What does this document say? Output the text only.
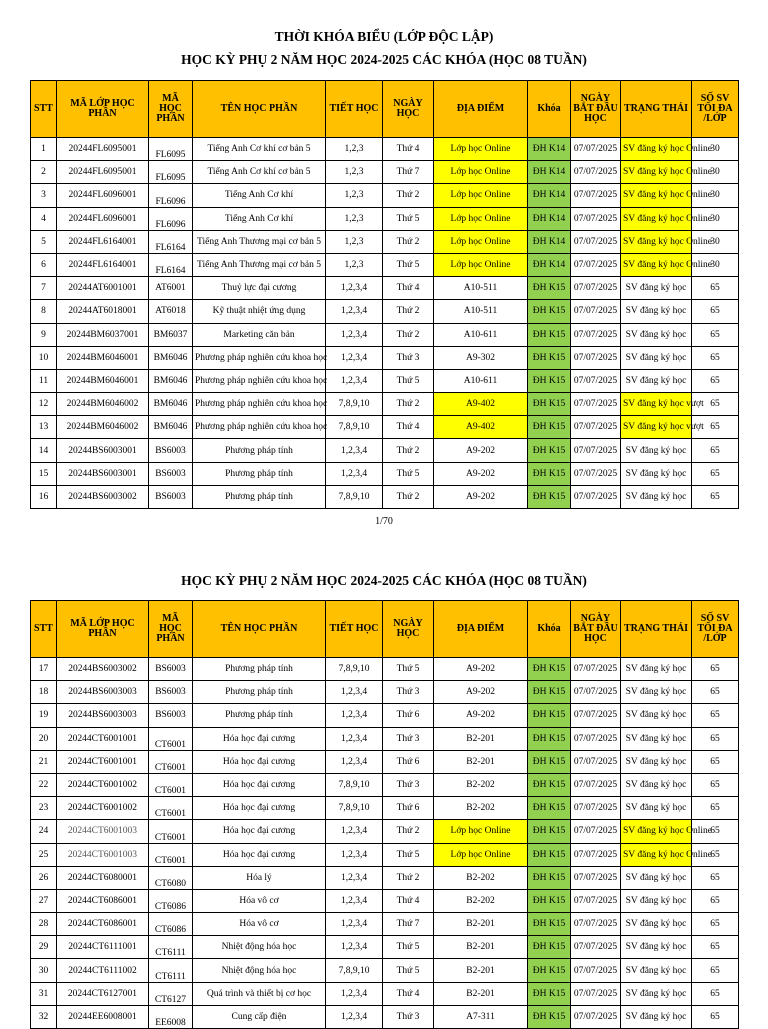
THỜI KHÓA BIỂU (LỚP ĐỘC LẬP)
HỌC KỲ PHỤ 2 NĂM HỌC 2024-2025 CÁC KHÓA (HỌC 08 TUẦN)
STT	MÃ LỚP HỌC PHẦN	MÃ HỌC PHẦN	TÊN HỌC PHẦN	TIẾT HỌC	NGÀY HỌC	ĐỊA ĐIỂM	Khóa	NGÀY BẮT ĐẦU HỌC	TRẠNG THÁI	SỐ SV TỐI ĐA /LỚP
1	20244FL6095001	FL6095	Tiếng Anh Cơ khí cơ bản 5	1,2,3	Thứ 4	Lớp học Online	ĐH K14	07/07/2025	SV đăng ký học Online	30
2	20244FL6095001	FL6095	Tiếng Anh Cơ khí cơ bản 5	1,2,3	Thứ 7	Lớp học Online	ĐH K14	07/07/2025	SV đăng ký học Online	30
3	20244FL6096001	FL6096	Tiếng Anh Cơ khí	1,2,3	Thứ 2	Lớp học Online	ĐH K14	07/07/2025	SV đăng ký học Online	30
4	20244FL6096001	FL6096	Tiếng Anh Cơ khí	1,2,3	Thứ 5	Lớp học Online	ĐH K14	07/07/2025	SV đăng ký học Online	30
5	20244FL6164001	FL6164	Tiếng Anh Thương mại cơ bản 5	1,2,3	Thứ 2	Lớp học Online	ĐH K14	07/07/2025	SV đăng ký học Online	30
6	20244FL6164001	FL6164	Tiếng Anh Thương mại cơ bản 5	1,2,3	Thứ 5	Lớp học Online	ĐH K14	07/07/2025	SV đăng ký học Online	30
7	20244AT6001001	AT6001	Thuỷ lực đại cương	1,2,3,4	Thứ 4	A10-511	ĐH K15	07/07/2025	SV đăng ký học	65
8	20244AT6018001	AT6018	Kỹ thuật nhiệt ứng dụng	1,2,3,4	Thứ 2	A10-511	ĐH K15	07/07/2025	SV đăng ký học	65
9	20244BM6037001	BM6037	Marketing căn bản	1,2,3,4	Thứ 2	A10-611	ĐH K15	07/07/2025	SV đăng ký học	65
10	20244BM6046001	BM6046	Phương pháp nghiên cứu khoa học	1,2,3,4	Thứ 3	A9-302	ĐH K15	07/07/2025	SV đăng ký học	65
11	20244BM6046001	BM6046	Phương pháp nghiên cứu khoa học	1,2,3,4	Thứ 5	A10-611	ĐH K15	07/07/2025	SV đăng ký học	65
12	20244BM6046002	BM6046	Phương pháp nghiên cứu khoa học	7,8,9,10	Thứ 2	A9-402	ĐH K15	07/07/2025	SV đăng ký học vượt	65
13	20244BM6046002	BM6046	Phương pháp nghiên cứu khoa học	7,8,9,10	Thứ 4	A9-402	ĐH K15	07/07/2025	SV đăng ký học vượt	65
14	20244BS6003001	BS6003	Phương pháp tính	1,2,3,4	Thứ 2	A9-202	ĐH K15	07/07/2025	SV đăng ký học	65
15	20244BS6003001	BS6003	Phương pháp tính	1,2,3,4	Thứ 5	A9-202	ĐH K15	07/07/2025	SV đăng ký học	65
16	20244BS6003002	BS6003	Phương pháp tính	7,8,9,10	Thứ 2	A9-202	ĐH K15	07/07/2025	SV đăng ký học	65
1/70
HỌC KỲ PHỤ 2 NĂM HỌC 2024-2025 CÁC KHÓA (HỌC 08 TUẦN)
STT	MÃ LỚP HỌC PHẦN	MÃ HỌC PHẦN	TÊN HỌC PHẦN	TIẾT HỌC	NGÀY HỌC	ĐỊA ĐIỂM	Khóa	NGÀY BẮT ĐẦU HỌC	TRẠNG THÁI	SỐ SV TỐI ĐA /LỚP
17	20244BS6003002	BS6003	Phương pháp tính	7,8,9,10	Thứ 5	A9-202	ĐH K15	07/07/2025	SV đăng ký học	65
18	20244BS6003003	BS6003	Phương pháp tính	1,2,3,4	Thứ 3	A9-202	ĐH K15	07/07/2025	SV đăng ký học	65
19	20244BS6003003	BS6003	Phương pháp tính	1,2,3,4	Thứ 6	A9-202	ĐH K15	07/07/2025	SV đăng ký học	65
20	20244CT6001001	CT6001	Hóa học đại cương	1,2,3,4	Thứ 3	B2-201	ĐH K15	07/07/2025	SV đăng ký học	65
21	20244CT6001001	CT6001	Hóa học đại cương	1,2,3,4	Thứ 6	B2-201	ĐH K15	07/07/2025	SV đăng ký học	65
22	20244CT6001002	CT6001	Hóa học đại cương	7,8,9,10	Thứ 3	B2-202	ĐH K15	07/07/2025	SV đăng ký học	65
23	20244CT6001002	CT6001	Hóa học đại cương	7,8,9,10	Thứ 6	B2-202	ĐH K15	07/07/2025	SV đăng ký học	65
24	20244CT6001003	CT6001	Hóa học đại cương	1,2,3,4	Thứ 2	Lớp học Online	ĐH K15	07/07/2025	SV đăng ký học Online	65
25	20244CT6001003	CT6001	Hóa học đại cương	1,2,3,4	Thứ 5	Lớp học Online	ĐH K15	07/07/2025	SV đăng ký học Online	65
26	20244CT6080001	CT6080	Hóa lý	1,2,3,4	Thứ 2	B2-202	ĐH K15	07/07/2025	SV đăng ký học	65
27	20244CT6086001	CT6086	Hóa vô cơ	1,2,3,4	Thứ 4	B2-202	ĐH K15	07/07/2025	SV đăng ký học	65
28	20244CT6086001	CT6086	Hóa vô cơ	1,2,3,4	Thứ 7	B2-201	ĐH K15	07/07/2025	SV đăng ký học	65
29	20244CT6111001	CT6111	Nhiệt động hóa học	1,2,3,4	Thứ 5	B2-201	ĐH K15	07/07/2025	SV đăng ký học	65
30	20244CT6111002	CT6111	Nhiệt động hóa học	7,8,9,10	Thứ 5	B2-201	ĐH K15	07/07/2025	SV đăng ký học	65
31	20244CT6127001	CT6127	Quá trình và thiết bị cơ học	1,2,3,4	Thứ 4	B2-201	ĐH K15	07/07/2025	SV đăng ký học	65
32	20244EE6008001	EE6008	Cung cấp điện	1,2,3,4	Thứ 3	A7-311	ĐH K15	07/07/2025	SV đăng ký học	65
